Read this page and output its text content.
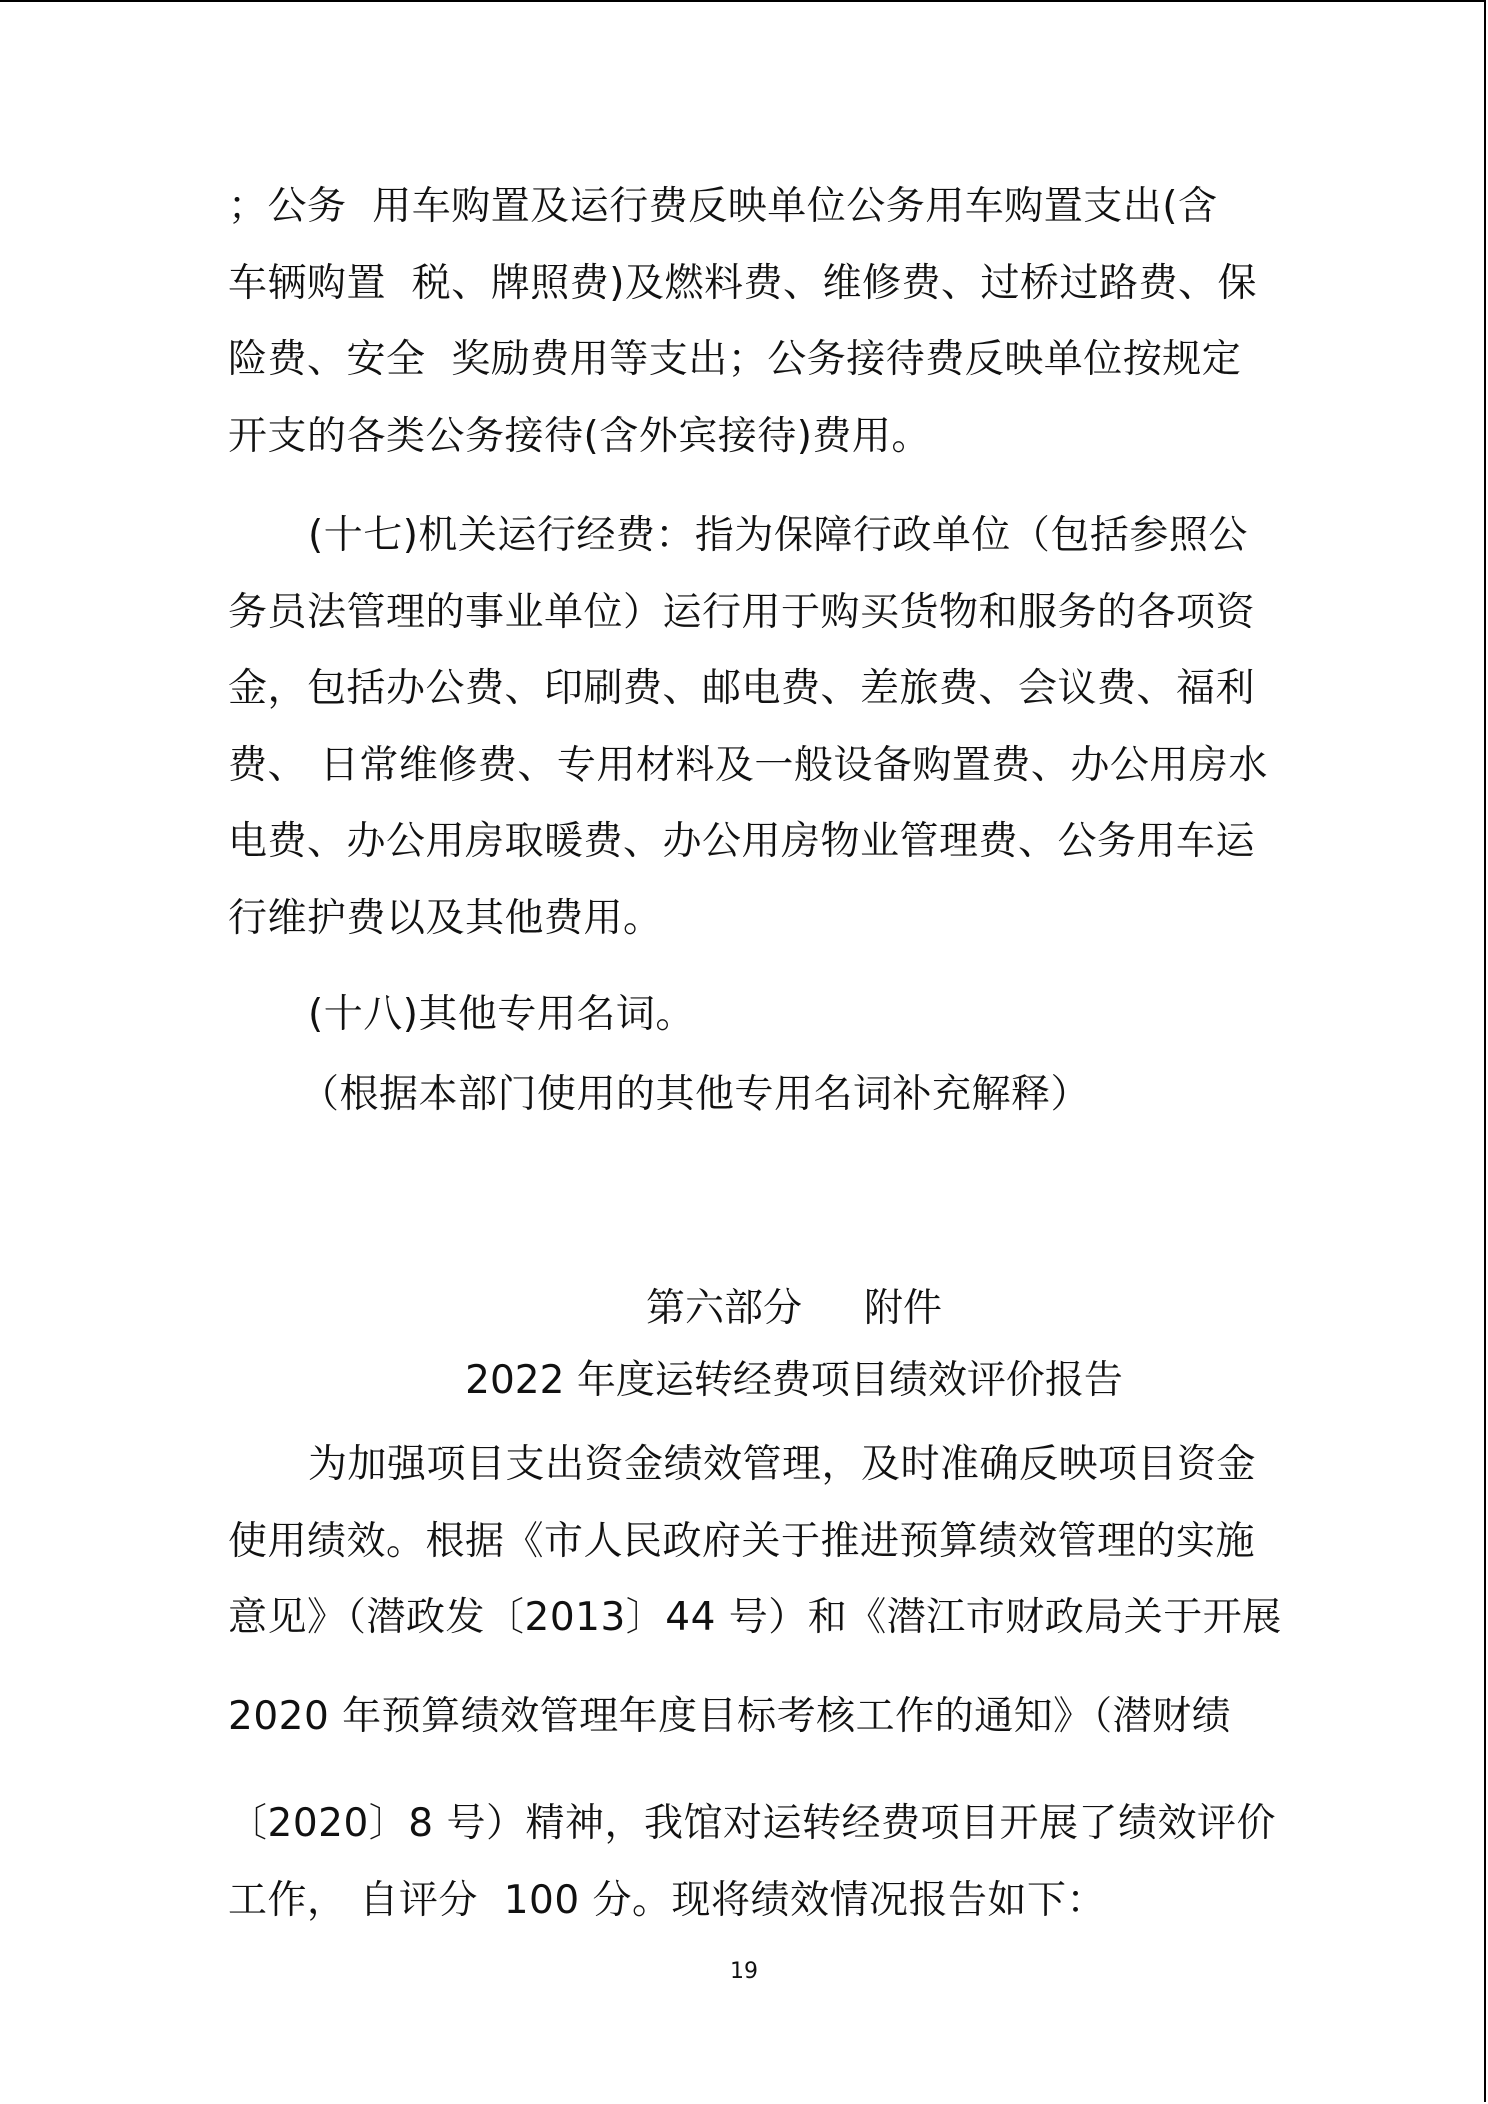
；公务  用车购置及运行费反映单位公务用车购置支出(含
车辆购置  税、牌照费)及燃料费、维修费、过桥过路费、保
险费、安全  奖励费用等支出；公务接待费反映单位按规定
开支的各类公务接待(含外宾接待)费用。
(十七)机关运行经费：指为保障行政单位（包括参照公
务员法管理的事业单位）运行用于购买货物和服务的各项资
金，包括办公费、印刷费、邮电费、差旅费、会议费、福利
费、 日常维修费、专用材料及一般设备购置费、办公用房水
电费、办公用房取暖费、办公用房物业管理费、公务用车运
行维护费以及其他费用。
(十八)其他专用名词。
（根据本部门使用的其他专用名词补充解释）
第六部分     附件
2022 年度运转经费项目绩效评价报告
为加强项目支出资金绩效管理，及时准确反映项目资金
使用绩效。根据《市人民政府关于推进预算绩效管理的实施
意见》（潜政发〔2013〕44 号）和《潜江市财政局关于开展
2020 年预算绩效管理年度目标考核工作的通知》（潜财绩
〔2020〕8 号）精神，我馆对运转经费项目开展了绩效评价
工作， 自评分  100 分。现将绩效情况报告如下：
19
